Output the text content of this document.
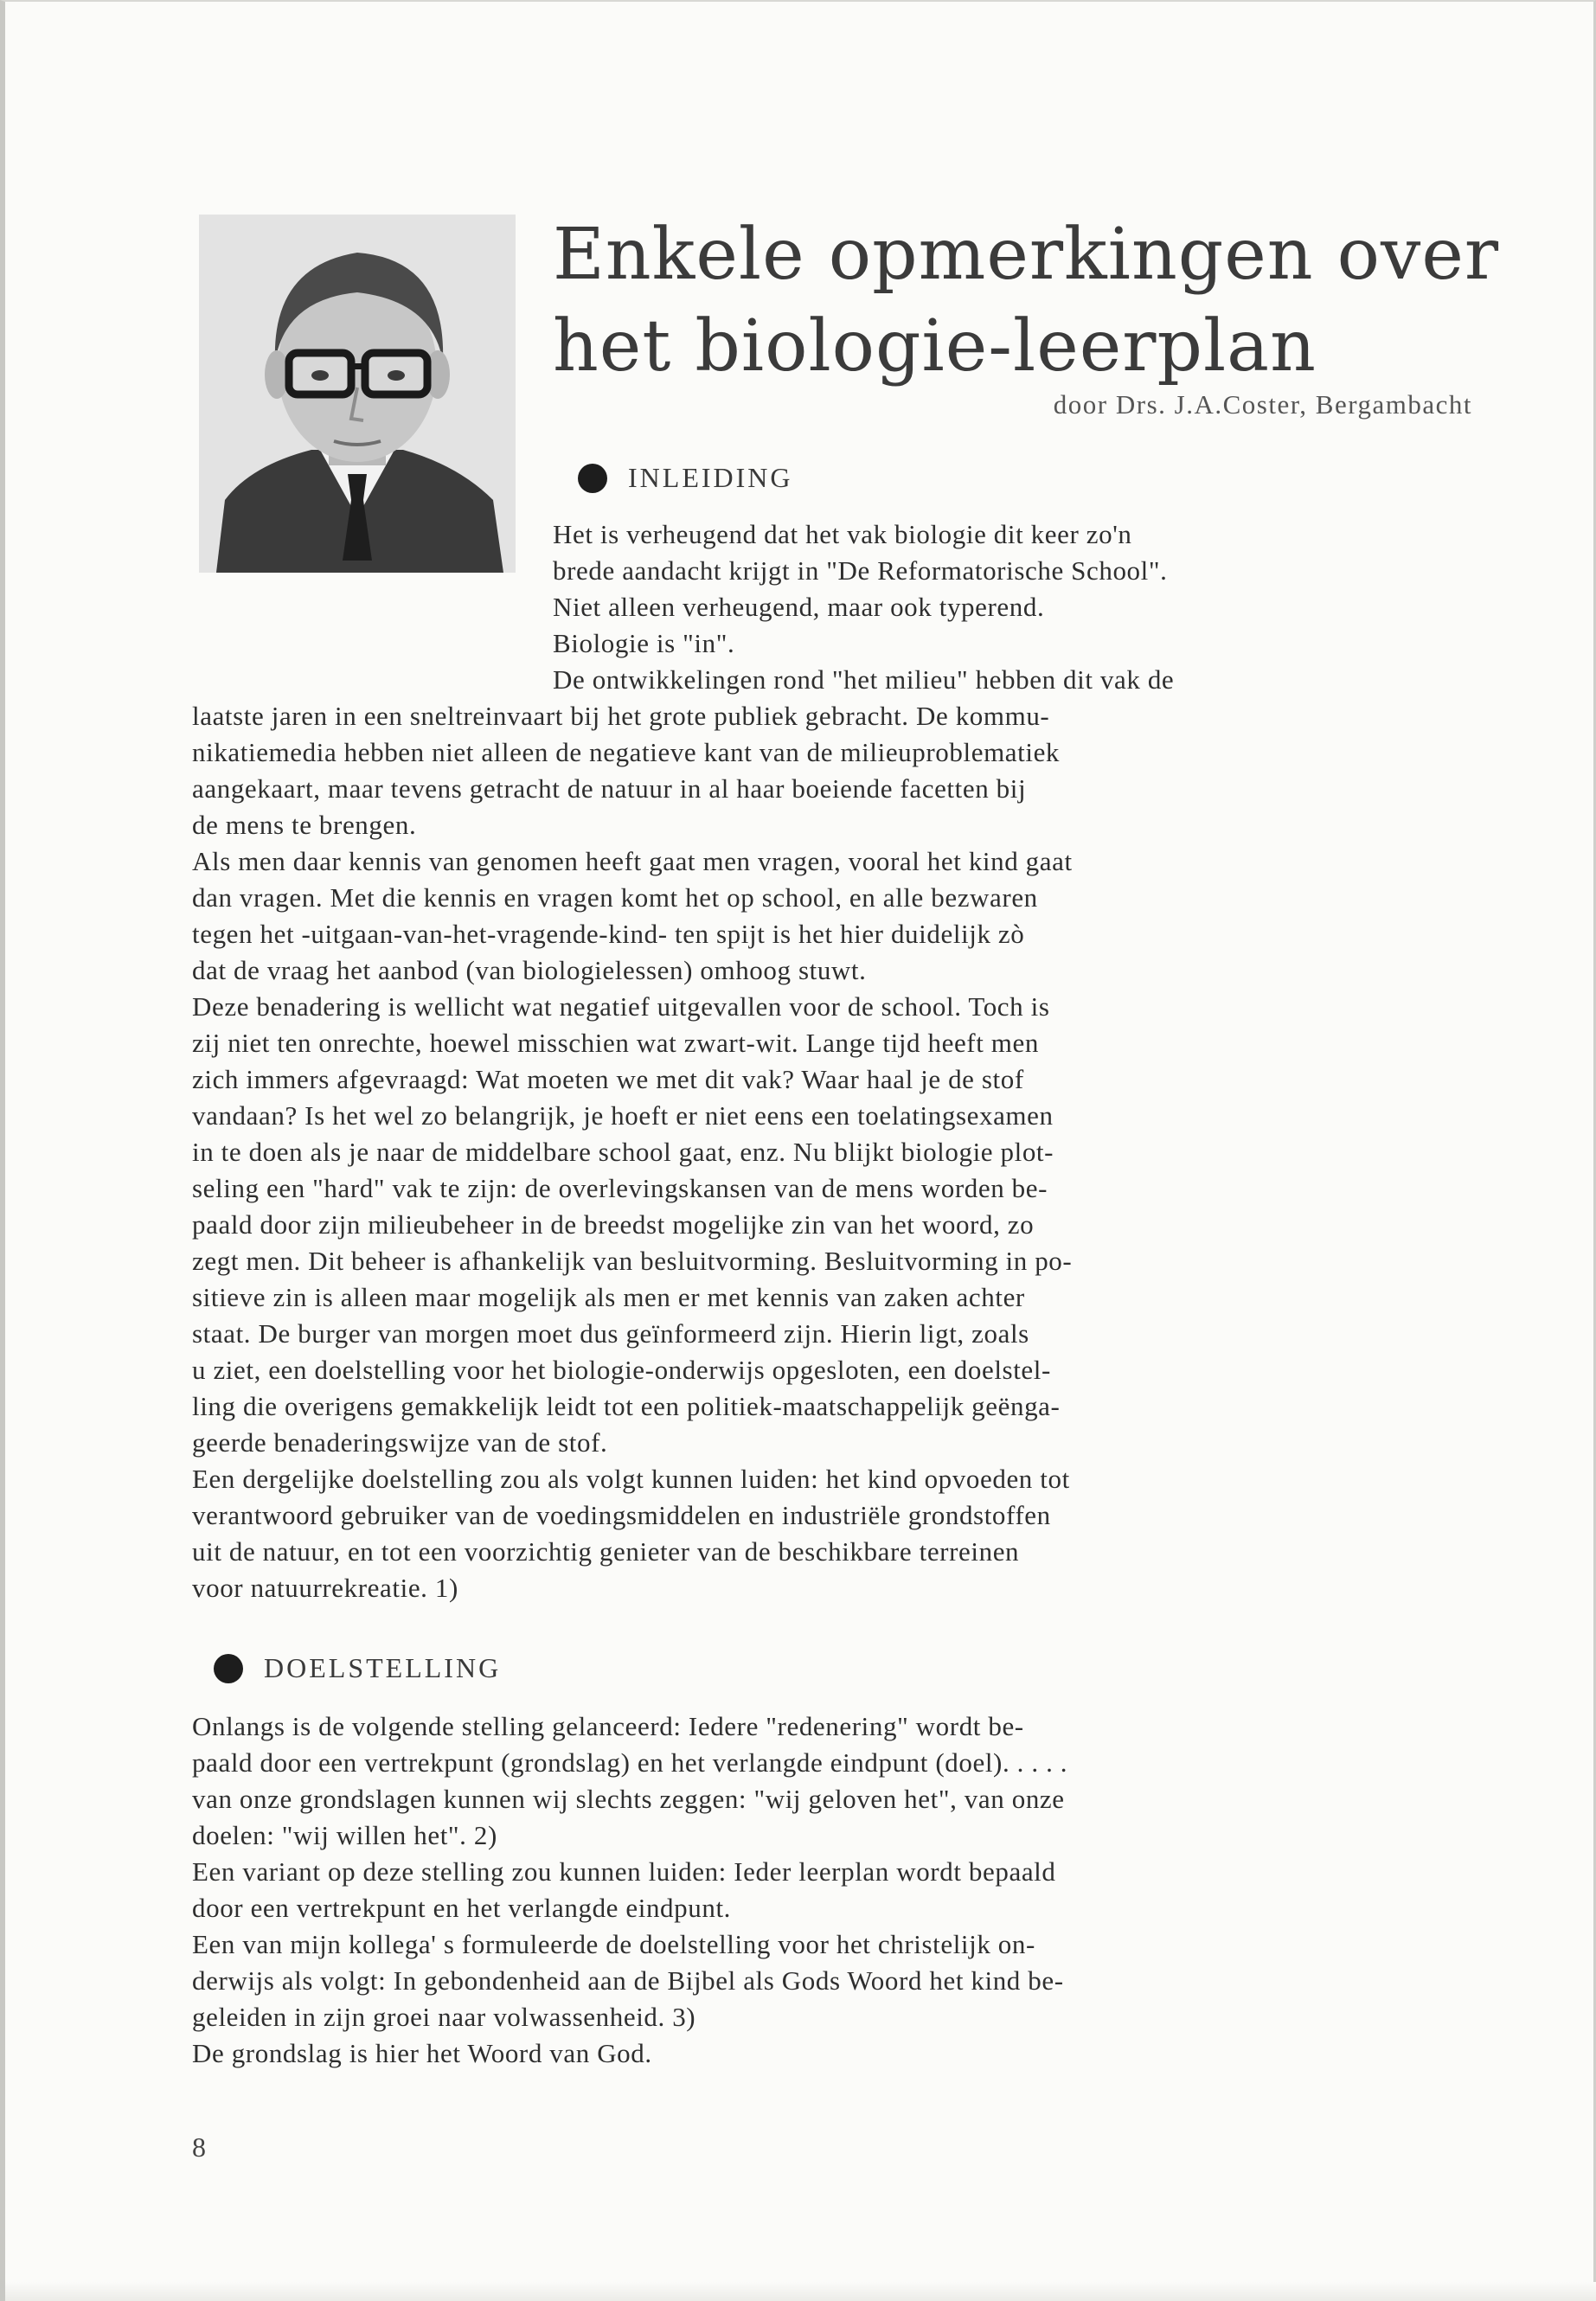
Enkele opmerkingen over
het biologie-leerplan
door Drs. J.A.Coster, Bergambacht
INLEIDING

Het is verheugend dat het vak biologie dit keer zo'n

brede aandacht krijgt in "De Reformatorische School".

Niet alleen verheugend, maar ook typerend.

Biologie is "in".

De ontwikkelingen rond "het milieu" hebben dit vak de

laatste jaren in een sneltreinvaart bij het grote publiek gebracht. De kommu-

nikatiemedia hebben niet alleen de negatieve kant van de milieuproblematiek

aangekaart, maar tevens getracht de natuur in al haar boeiende facetten bij

de mens te brengen.

Als men daar kennis van genomen heeft gaat men vragen, vooral het kind gaat

dan vragen. Met die kennis en vragen komt het op school, en alle bezwaren

tegen het -uitgaan-van-het-vragende-kind- ten spijt is het hier duidelijk zò

dat de vraag het aanbod (van biologielessen) omhoog stuwt.

Deze benadering is wellicht wat negatief uitgevallen voor de school. Toch is

zij niet ten onrechte, hoewel misschien wat zwart-wit. Lange tijd heeft men

zich immers afgevraagd: Wat moeten we met dit vak? Waar haal je de stof

vandaan? Is het wel zo belangrijk, je hoeft er niet eens een toelatingsexamen

in te doen als je naar de middelbare school gaat, enz. Nu blijkt biologie plot-

seling een "hard" vak te zijn: de overlevingskansen van de mens worden be-

paald door zijn milieubeheer in de breedst mogelijke zin van het woord, zo

zegt men. Dit beheer is afhankelijk van besluitvorming. Besluitvorming in po-

sitieve zin is alleen maar mogelijk als men er met kennis van zaken achter

staat. De burger van morgen moet dus geïnformeerd zijn. Hierin ligt, zoals

u ziet, een doelstelling voor het biologie-onderwijs opgesloten, een doelstel-

ling die overigens gemakkelijk leidt tot een politiek-maatschappelijk geënga-

geerde benaderingswijze van de stof.

Een dergelijke doelstelling zou als volgt kunnen luiden: het kind opvoeden tot

verantwoord gebruiker van de voedingsmiddelen en industriële grondstoffen

uit de natuur, en tot een voorzichtig genieter van de beschikbare terreinen

voor natuurrekreatie. 1)

DOELSTELLING

Onlangs is de volgende stelling gelanceerd: Iedere "redenering" wordt be-

paald door een vertrekpunt (grondslag) en het verlangde eindpunt (doel). . . . .

van onze grondslagen kunnen wij slechts zeggen: "wij geloven het", van onze

doelen: "wij willen het". 2)

Een variant op deze stelling zou kunnen luiden: Ieder leerplan wordt bepaald

door een vertrekpunt en het verlangde eindpunt.

Een van mijn kollega' s formuleerde de doelstelling voor het christelijk on-

derwijs als volgt: In gebondenheid aan de Bijbel als Gods Woord het kind be-

geleiden in zijn groei naar volwassenheid. 3)

De grondslag is hier het Woord van God.

8
